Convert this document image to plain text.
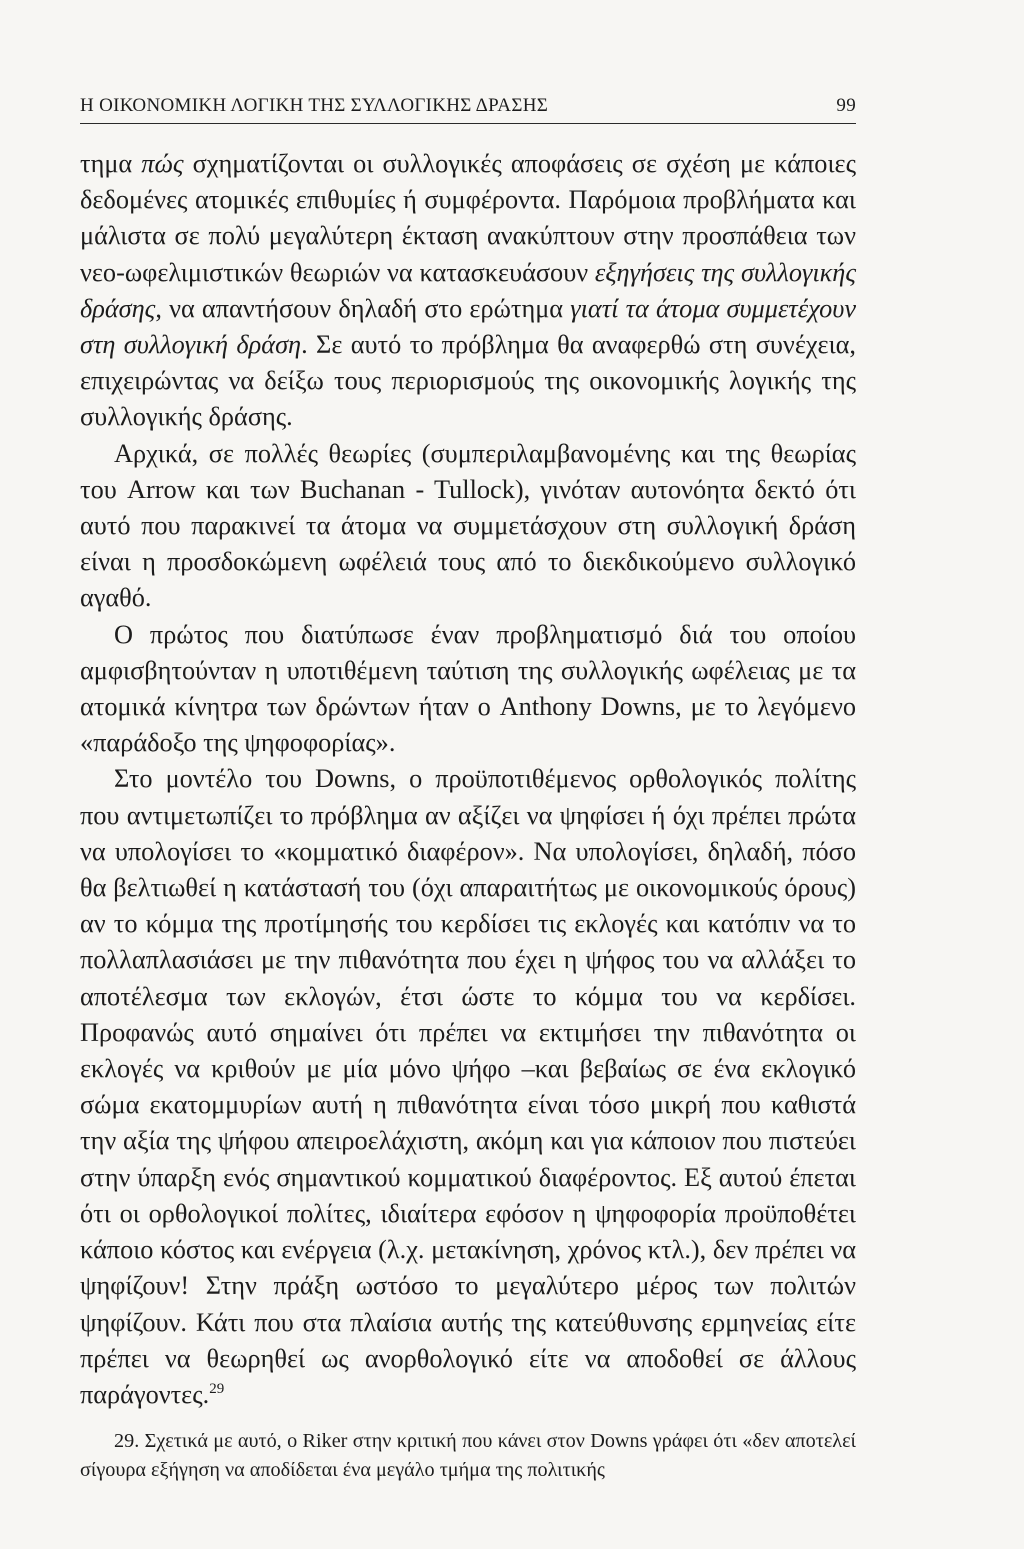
Η ΟΙΚΟΝΟΜΙΚΗ ΛΟΓΙΚΗ ΤΗΣ ΣΥΛΛΟΓΙΚΗΣ ΔΡΑΣΗΣ	99

τημα πώς σχηματίζονται οι συλλογικές αποφάσεις σε σχέση με κάποιες δεδομένες ατομικές επιθυμίες ή συμφέροντα. Παρόμοια προβλήματα και μάλιστα σε πολύ μεγαλύτερη έκταση ανακύπτουν στην προσπάθεια των νεο-ωφελιμιστικών θεωριών να κατασκευάσουν εξηγήσεις της συλλογικής δράσης, να απαντήσουν δηλαδή στο ερώτημα γιατί τα άτομα συμμετέχουν στη συλλογική δράση. Σε αυτό το πρόβλημα θα αναφερθώ στη συνέχεια, επιχειρώντας να δείξω τους περιορισμούς της οικονομικής λογικής της συλλογικής δράσης.

Αρχικά, σε πολλές θεωρίες (συμπεριλαμβανομένης και της θεωρίας του Arrow και των Buchanan - Tullock), γινόταν αυτονόητα δεκτό ότι αυτό που παρακινεί τα άτομα να συμμετάσχουν στη συλλογική δράση είναι η προσδοκώμενη ωφέλειά τους από το διεκδικούμενο συλλογικό αγαθό.

Ο πρώτος που διατύπωσε έναν προβληματισμό διά του οποίου αμφισβητούνταν η υποτιθέμενη ταύτιση της συλλογικής ωφέλειας με τα ατομικά κίνητρα των δρώντων ήταν ο Anthony Downs, με το λεγόμενο «παράδοξο της ψηφοφορίας».

Στο μοντέλο του Downs, ο προϋποτιθέμενος ορθολογικός πολίτης που αντιμετωπίζει το πρόβλημα αν αξίζει να ψηφίσει ή όχι πρέπει πρώτα να υπολογίσει το «κομματικό διαφέρον». Να υπολογίσει, δηλαδή, πόσο θα βελτιωθεί η κατάστασή του (όχι απαραιτήτως με οικονομικούς όρους) αν το κόμμα της προτίμησής του κερδίσει τις εκλογές και κατόπιν να το πολλαπλασιάσει με την πιθανότητα που έχει η ψήφος του να αλλάξει το αποτέλεσμα των εκλογών, έτσι ώστε το κόμμα του να κερδίσει. Προφανώς αυτό σημαίνει ότι πρέπει να εκτιμήσει την πιθανότητα οι εκλογές να κριθούν με μία μόνο ψήφο –και βεβαίως σε ένα εκλογικό σώμα εκατομμυρίων αυτή η πιθανότητα είναι τόσο μικρή που καθιστά την αξία της ψήφου απειροελάχιστη, ακόμη και για κάποιον που πιστεύει στην ύπαρξη ενός σημαντικού κομματικού διαφέροντος. Εξ αυτού έπεται ότι οι ορθολογικοί πολίτες, ιδιαίτερα εφόσον η ψηφοφορία προϋποθέτει κάποιο κόστος και ενέργεια (λ.χ. μετακίνηση, χρόνος κτλ.), δεν πρέπει να ψηφίζουν! Στην πράξη ωστόσο το μεγαλύτερο μέρος των πολιτών ψηφίζουν. Κάτι που στα πλαίσια αυτής της κατεύθυνσης ερμηνείας είτε πρέπει να θεωρηθεί ως ανορθολογικό είτε να αποδοθεί σε άλλους παράγοντες.$^{29}$

29. Σχετικά με αυτό, ο Riker στην κριτική που κάνει στον Downs γράφει ότι «δεν αποτελεί σίγουρα εξήγηση να αποδίδεται ένα μεγάλο τμήμα της πολιτικής
